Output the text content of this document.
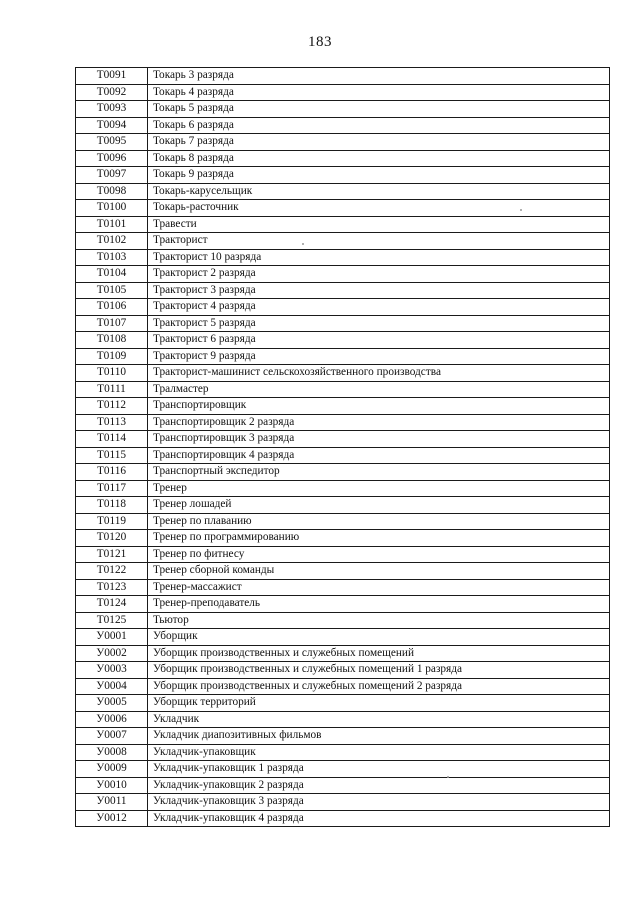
183
Т0091	Токарь 3 разряда
Т0092	Токарь 4 разряда
Т0093	Токарь 5 разряда
Т0094	Токарь 6 разряда
Т0095	Токарь 7 разряда
Т0096	Токарь 8 разряда
Т0097	Токарь 9 разряда
Т0098	Токарь-карусельщик
Т0100	Токарь-расточник
Т0101	Травести
Т0102	Тракторист
Т0103	Тракторист 10 разряда
Т0104	Тракторист 2 разряда
Т0105	Тракторист 3 разряда
Т0106	Тракторист 4 разряда
Т0107	Тракторист 5 разряда
Т0108	Тракторист 6 разряда
Т0109	Тракторист 9 разряда
Т0110	Тракторист-машинист сельскохозяйственного производства
Т0111	Тралмастер
Т0112	Транспортировщик
Т0113	Транспортировщик 2 разряда
Т0114	Транспортировщик 3 разряда
Т0115	Транспортировщик 4 разряда
Т0116	Транспортный экспедитор
Т0117	Тренер
Т0118	Тренер лошадей
Т0119	Тренер по плаванию
Т0120	Тренер по программированию
Т0121	Тренер по фитнесу
Т0122	Тренер сборной команды
Т0123	Тренер-массажист
Т0124	Тренер-преподаватель
Т0125	Тьютор
У0001	Уборщик
У0002	Уборщик производственных и служебных помещений
У0003	Уборщик производственных и служебных помещений 1 разряда
У0004	Уборщик производственных и служебных помещений 2 разряда
У0005	Уборщик территорий
У0006	Укладчик
У0007	Укладчик диапозитивных фильмов
У0008	Укладчик-упаковщик
У0009	Укладчик-упаковщик 1 разряда
У0010	Укладчик-упаковщик 2 разряда
У0011	Укладчик-упаковщик 3 разряда
У0012	Укладчик-упаковщик 4 разряда
